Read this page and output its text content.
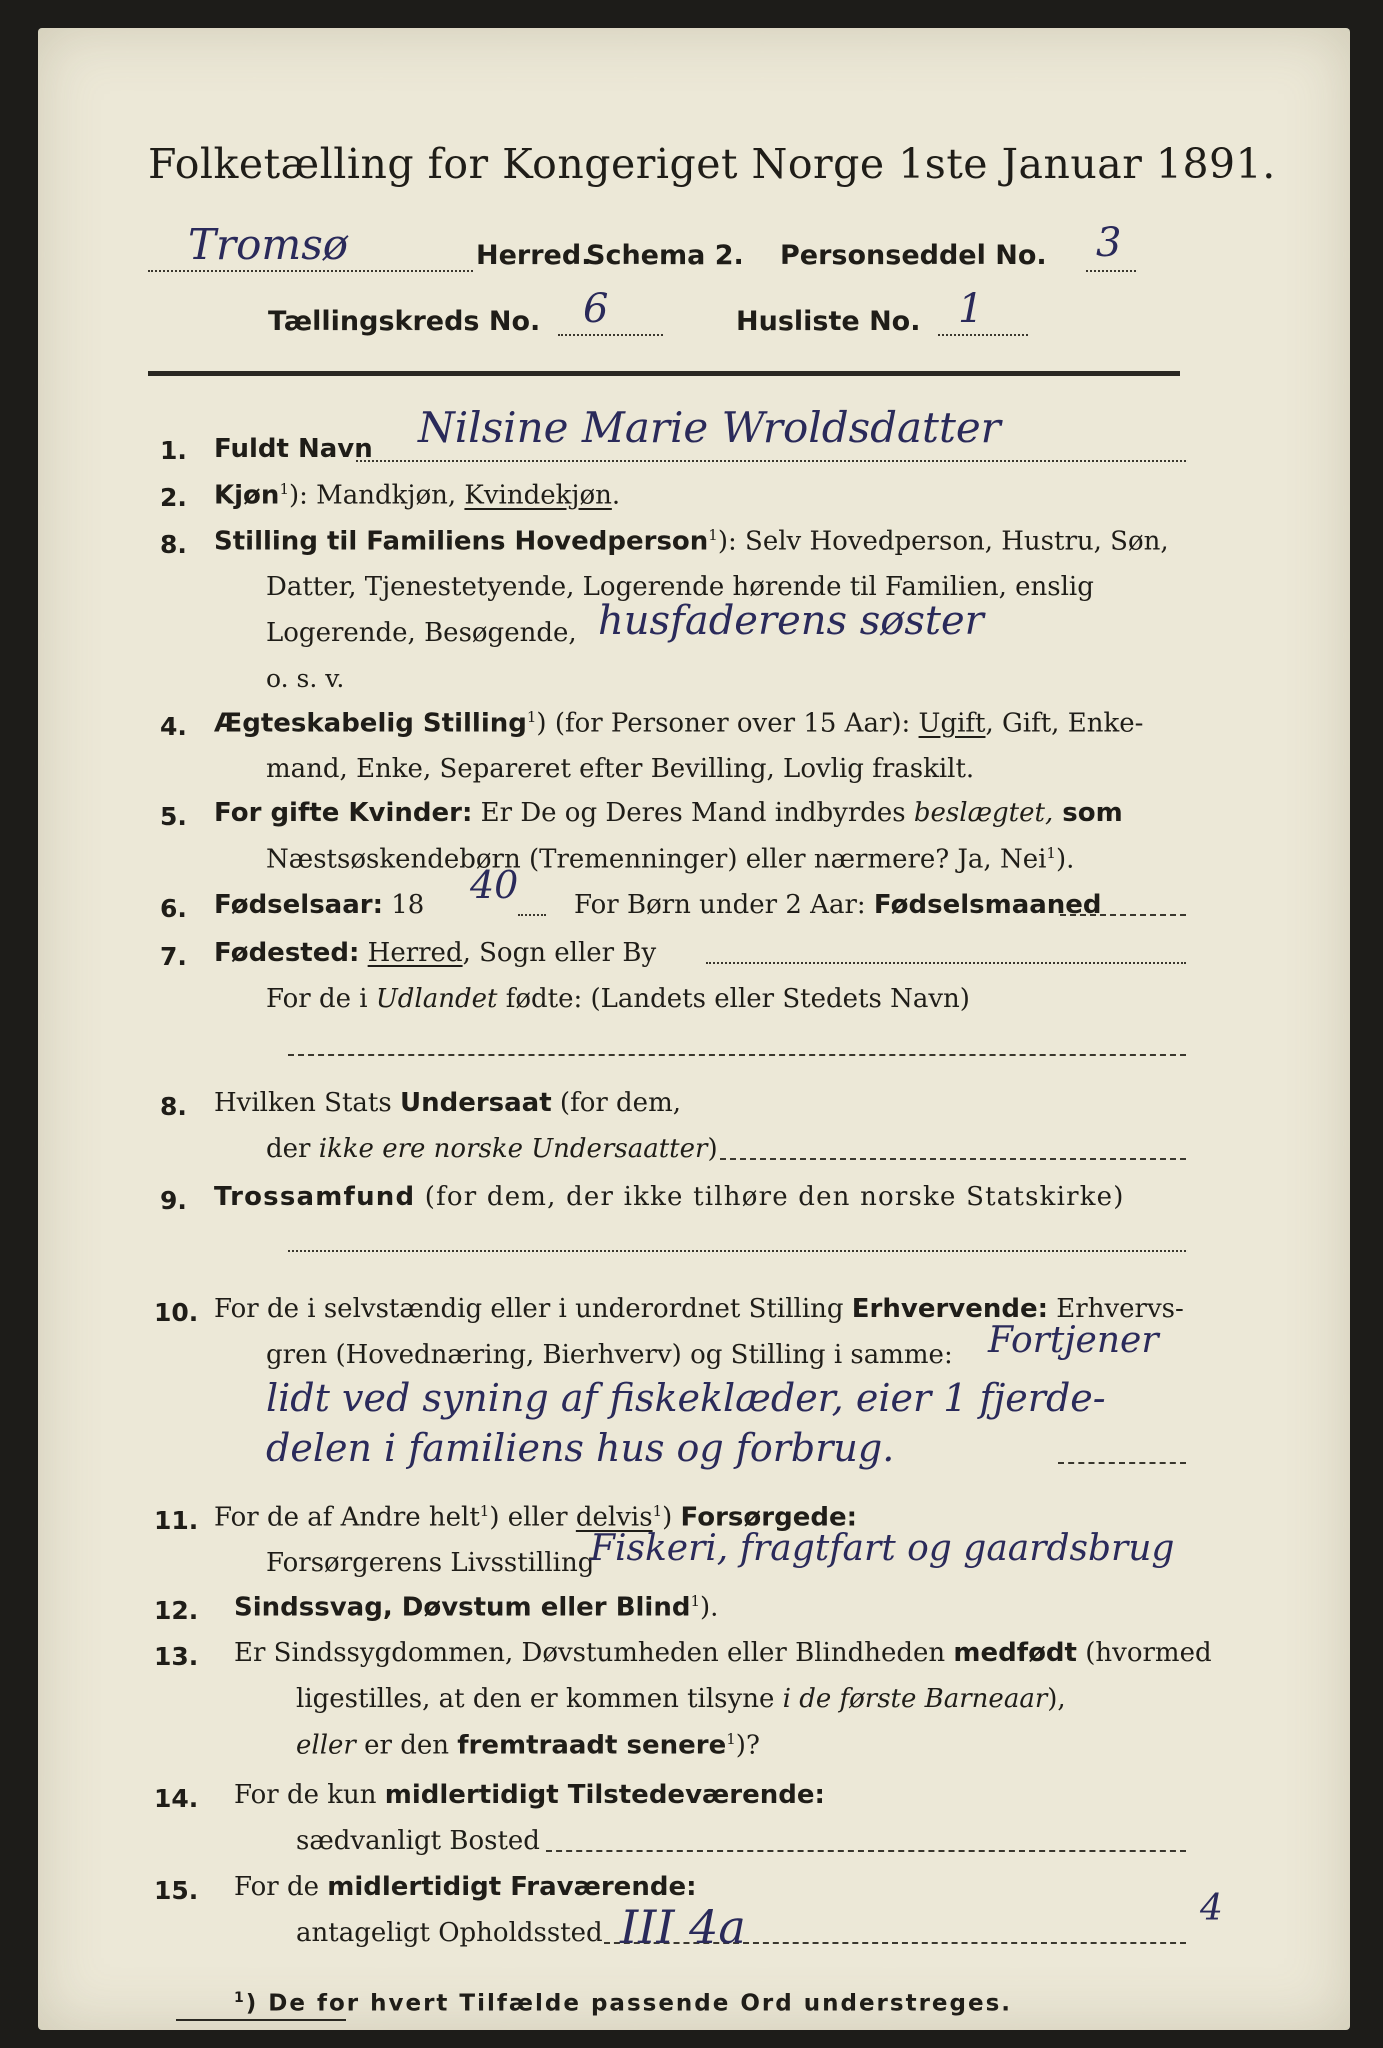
Folketælling for Kongeriget Norge 1ste Januar 1891.
Tromsø	Herred.
Schema 2. Personseddel No. 3
Tællingskreds No. 6	Husliste No. 1
1. Fuldt Navn Nilsine Marie Wroldsdatter
2. Kjøn$^1$): Mandkjøn, Kvindekjøn.
8. Stilling til Familiens Hovedperson$^1$): Selv Hovedperson, Hustru, Søn,
Datter, Tjenestetyende, Logerende hørende til Familien, enslig
Logerende, Besøgende, husfaderens søster
o. s. v.
4. Ægteskabelig Stilling$^1$) (for Personer over 15 Aar): Ugift, Gift, Enke-
mand, Enke, Separeret efter Bevilling, Lovlig fraskilt.
5. For gifte Kvinder: Er De og Deres Mand indbyrdes beslægtet, som
Næstsøskendebørn (Tremenninger) eller nærmere? Ja, Nei$^1$).
6. Fødselsaar: 18 40 For Børn under 2 Aar: Fødselsmaaned
7. Fødested: Herred, Sogn eller By
For de i Udlandet fødte: (Landets eller Stedets Navn)
8. Hvilken Stats Undersaat (for dem,
der ikke ere norske Undersaatter)
9. Trossamfund (for dem, der ikke tilhøre den norske Statskirke)
10. For de i selvstændig eller i underordnet Stilling Erhvervende: Erhvervs-
gren (Hovednæring, Bierhverv) og Stilling i samme: Fortjener
lidt ved syning af fiskeklæder, eier 1 fjerde-
delen i familiens hus og forbrug.
11. For de af Andre helt$^1$) eller delvis$^1$) Forsørgede:
Forsørgerens Livsstilling
Fiskeri, fragtfart og gaardsbrug
12. Sindssvag, Døvstum eller Blind$^1$).
13. Er Sindssygdommen, Døvstumheden eller Blindheden medfødt (hvormed
ligestilles, at den er kommen tilsyne i de første Barneaar),
eller er den fremtraadt senere$^1$)?
14. For de kun midlertidigt Tilstedeværende:
sædvanligt Bosted
15. For de midlertidigt Fraværende:
antageligt Opholdssted
$^1$) De for hvert Tilfælde passende Ord understreges.
III 4a	4
